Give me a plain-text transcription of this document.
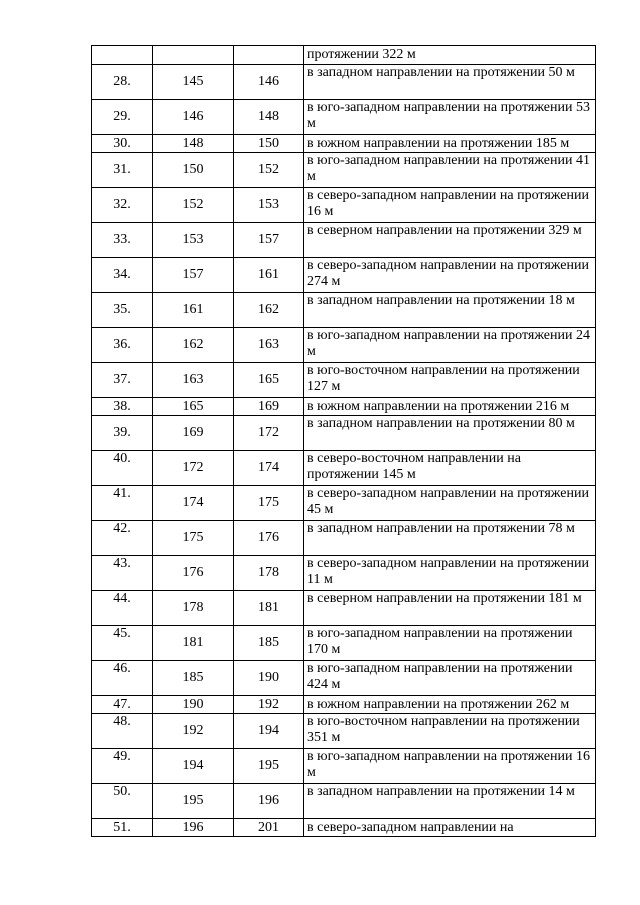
			протяжении 322 м
28.	145	146	в западном направлении на протяжении 50 м
29.	146	148	в юго-западном направлении на протяжении 53 м
30.	148	150	в южном направлении на протяжении 185 м
31.	150	152	в юго-западном направлении на протяжении 41 м
32.	152	153	в северо-западном направлении на протяжении 16 м
33.	153	157	в северном направлении на протяжении 329 м
34.	157	161	в северо-западном направлении на протяжении 274 м
35.	161	162	в западном направлении на протяжении 18 м
36.	162	163	в юго-западном направлении на протяжении 24 м
37.	163	165	в юго-восточном направлении на протяжении 127 м
38.	165	169	в южном направлении на протяжении 216 м
39.	169	172	в западном направлении на протяжении 80 м
40.	172	174	в северо-восточном направлении на протяжении 145 м
41.	174	175	в северо-западном направлении на протяжении 45 м
42.	175	176	в западном направлении на протяжении 78 м
43.	176	178	в северо-западном направлении на протяжении 11 м
44.	178	181	в северном направлении на протяжении 181 м
45.	181	185	в юго-западном направлении на протяжении 170 м
46.	185	190	в юго-западном направлении на протяжении 424 м
47.	190	192	в южном направлении на протяжении 262 м
48.	192	194	в юго-восточном направлении на протяжении 351 м
49.	194	195	в юго-западном направлении на протяжении 16 м
50.	195	196	в западном направлении на протяжении 14 м
51.	196	201	в северо-западном направлении на
